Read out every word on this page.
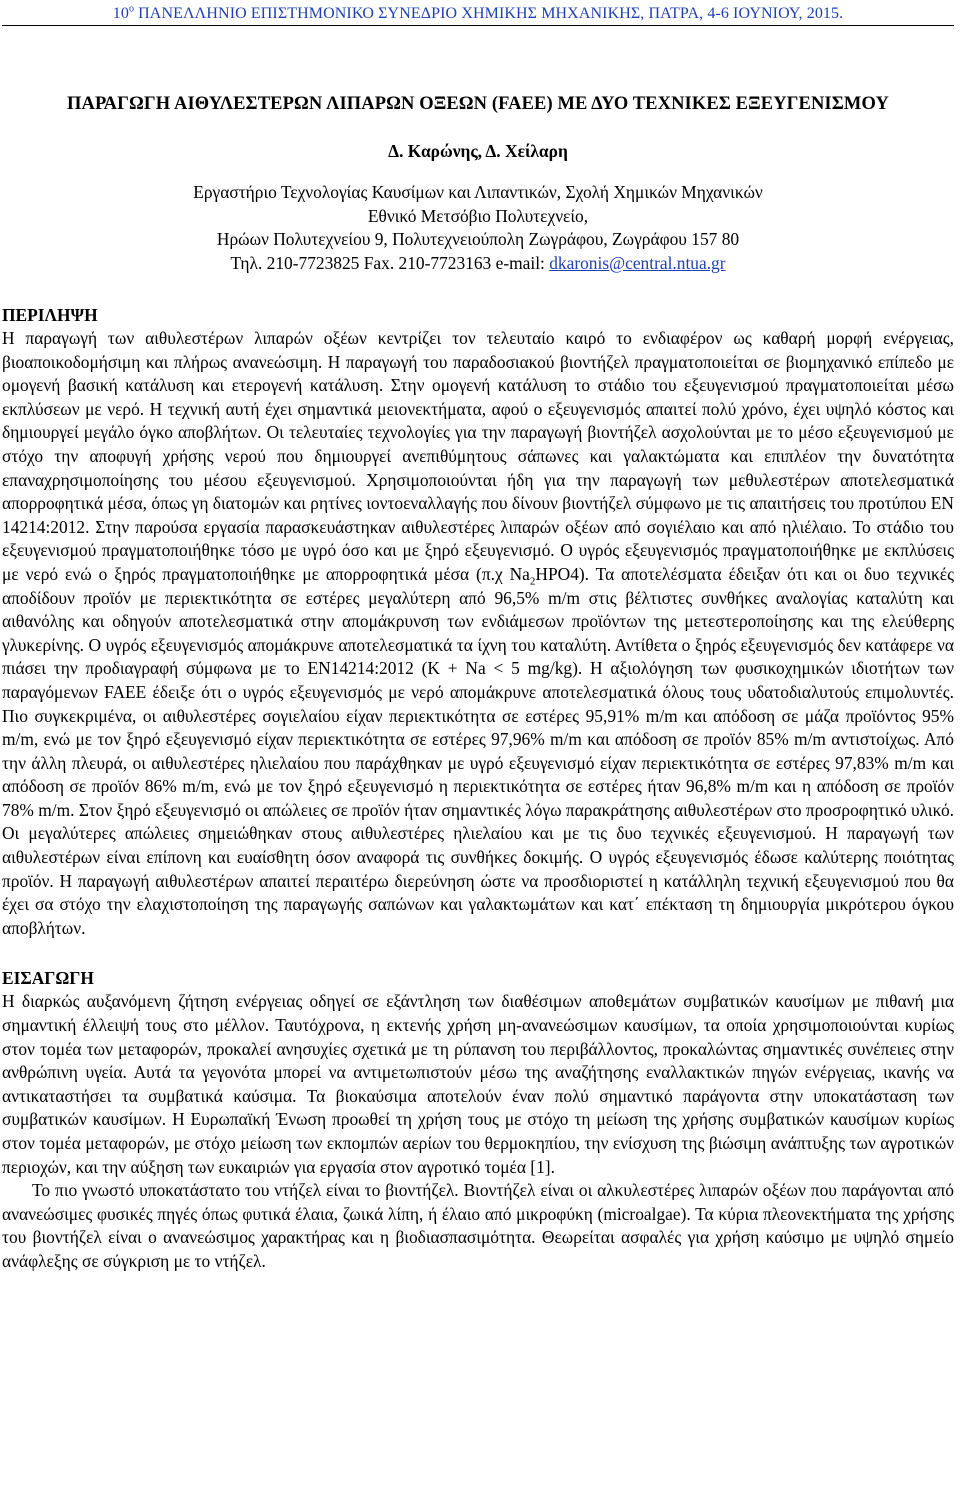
$10^o$ ΠΑΝΕΛΛΗΝΙΟ ΕΠΙΣΤΗΜΟΝΙΚΟ ΣΥΝΕΔΡΙΟ ΧΗΜΙΚΗΣ ΜΗΧΑΝΙΚΗΣ, ΠΑΤΡΑ, 4-6 ΙΟΥΝΙΟΥ, 2015.
ΠΑΡΑΓΩΓΗ ΑΙΘΥΛΕΣΤΕΡΩΝ ΛΙΠΑΡΩΝ ΟΞΕΩΝ (FAEE) ΜΕ ΔΥΟ ΤΕΧΝΙΚΕΣ ΕΞΕΥΓΕΝΙΣΜΟΥ
Δ. Καρώνης, Δ. Χείλαρη
Εργαστήριο Τεχνολογίας Καυσίμων και Λιπαντικών, Σχολή Χημικών Μηχανικών
Εθνικό Μετσόβιο Πολυτεχνείο,
Ηρώων Πολυτεχνείου 9, Πολυτεχνειούπολη Ζωγράφου, Ζωγράφου 157 80
Τηλ. 210-7723825 Fax. 210-7723163 e-mail: dkaronis@central.ntua.gr
ΠΕΡΙΛΗΨΗ

Η παραγωγή των αιθυλεστέρων λιπαρών οξέων κεντρίζει τον τελευταίο καιρό το ενδιαφέρον ως καθαρή μορφή ενέργειας, βιοαποικοδομήσιμη και πλήρως ανανεώσιμη. Η παραγωγή του παραδοσιακού βιοντήζελ πραγματοποιείται σε βιομηχανικό επίπεδο με ομογενή βασική κατάλυση και ετερογενή κατάλυση. Στην ομογενή κατάλυση το στάδιο του εξευγενισμού πραγματοποιείται μέσω εκπλύσεων με νερό. Η τεχνική αυτή έχει σημαντικά μειονεκτήματα, αφού ο εξευγενισμός απαιτεί πολύ χρόνο, έχει υψηλό κόστος και δημιουργεί μεγάλο όγκο αποβλήτων. Οι τελευταίες τεχνολογίες για την παραγωγή βιοντήζελ ασχολούνται με το μέσο εξευγενισμού με στόχο την αποφυγή χρήσης νερού που δημιουργεί ανεπιθύμητους σάπωνες και γαλακτώματα και επιπλέον την δυνατότητα επαναχρησιμοποίησης του μέσου εξευγενισμού. Χρησιμοποιούνται ήδη για την παραγωγή των μεθυλεστέρων αποτελεσματικά απορροφητικά μέσα, όπως γη διατομών και ρητίνες ιοντοεναλλαγής που δίνουν βιοντήζελ σύμφωνο με τις απαιτήσεις του προτύπου EN 14214:2012. Στην παρούσα εργασία παρασκευάστηκαν αιθυλεστέρες λιπαρών οξέων από σογιέλαιο και από ηλιέλαιο. Το στάδιο του εξευγενισμού πραγματοποιήθηκε τόσο με υγρό όσο και με ξηρό εξευγενισμό. Ο υγρός εξευγενισμός πραγματοποιήθηκε με εκπλύσεις με νερό ενώ ο ξηρός πραγματοποιήθηκε με απορροφητικά μέσα (π.χ $Na_2HPO4$). Τα αποτελέσματα έδειξαν ότι και οι δυο τεχνικές αποδίδουν προϊόν με περιεκτικότητα σε εστέρες μεγαλύτερη από 96,5% m/m στις βέλτιστες συνθήκες αναλογίας καταλύτη και αιθανόλης και οδηγούν αποτελεσματικά στην απομάκρυνση των ενδιάμεσων προϊόντων της μετεστεροποίησης και της ελεύθερης γλυκερίνης. Ο υγρός εξευγενισμός απομάκρυνε αποτελεσματικά τα ίχνη του καταλύτη. Αντίθετα ο ξηρός εξευγενισμός δεν κατάφερε να πιάσει την προδιαγραφή σύμφωνα με το EN14214:2012 (K + Na < 5 mg/kg). Η αξιολόγηση των φυσικοχημικών ιδιοτήτων των παραγόμενων FAEE έδειξε ότι ο υγρός εξευγενισμός με νερό απομάκρυνε αποτελεσματικά όλους τους υδατοδιαλυτούς επιμολυντές. Πιο συγκεκριμένα, οι αιθυλεστέρες σογιελαίου είχαν περιεκτικότητα σε εστέρες 95,91% m/m και απόδοση σε μάζα προϊόντος 95% m/m, ενώ με τον ξηρό εξευγενισμό είχαν περιεκτικότητα σε εστέρες 97,96% m/m και απόδοση σε προϊόν 85% m/m αντιστοίχως. Από την άλλη πλευρά, οι αιθυλεστέρες ηλιελαίου που παράχθηκαν με υγρό εξευγενισμό είχαν περιεκτικότητα σε εστέρες 97,83% m/m και απόδοση σε προϊόν 86% m/m, ενώ με τον ξηρό εξευγενισμό η περιεκτικότητα σε εστέρες ήταν 96,8% m/m και η απόδοση σε προϊόν 78% m/m. Στον ξηρό εξευγενισμό οι απώλειες σε προϊόν ήταν σημαντικές λόγω παρακράτησης αιθυλεστέρων στο προσροφητικό υλικό. Οι μεγαλύτερες απώλειες σημειώθηκαν στους αιθυλεστέρες ηλιελαίου και με τις δυο τεχνικές εξευγενισμού. Η παραγωγή των αιθυλεστέρων είναι επίπονη και ευαίσθητη όσον αναφορά τις συνθήκες δοκιμής. Ο υγρός εξευγενισμός έδωσε καλύτερης ποιότητας προϊόν. Η παραγωγή αιθυλεστέρων απαιτεί περαιτέρω διερεύνηση ώστε να προσδιοριστεί η κατάλληλη τεχνική εξευγενισμού που θα έχει σα στόχο την ελαχιστοποίηση της παραγωγής σαπώνων και γαλακτωμάτων και κατ΄ επέκταση τη δημιουργία μικρότερου όγκου αποβλήτων.

ΕΙΣΑΓΩΓΗ

Η διαρκώς αυξανόμενη ζήτηση ενέργειας οδηγεί σε εξάντληση των διαθέσιμων αποθεμάτων συμβατικών καυσίμων με πιθανή μια σημαντική έλλειψή τους στο μέλλον. Ταυτόχρονα, η εκτενής χρήση μη-ανανεώσιμων καυσίμων, τα οποία χρησιμοποιούνται κυρίως στον τομέα των μεταφορών, προκαλεί ανησυχίες σχετικά με τη ρύπανση του περιβάλλοντος, προκαλώντας σημαντικές συνέπειες στην ανθρώπινη υγεία. Αυτά τα γεγονότα μπορεί να αντιμετωπιστούν μέσω της αναζήτησης εναλλακτικών πηγών ενέργειας, ικανής να αντικαταστήσει τα συμβατικά καύσιμα. Τα βιοκαύσιμα αποτελούν έναν πολύ σημαντικό παράγοντα στην υποκατάσταση των συμβατικών καυσίμων. Η Ευρωπαϊκή Ένωση προωθεί τη χρήση τους με στόχο τη μείωση της χρήσης συμβατικών καυσίμων κυρίως στον τομέα μεταφορών, με στόχο μείωση των εκπομπών αερίων του θερμοκηπίου, την ενίσχυση της βιώσιμη ανάπτυξης των αγροτικών περιοχών, και την αύξηση των ευκαιριών για εργασία στον αγροτικό τομέα [1].

Το πιο γνωστό υποκατάστατο του ντήζελ είναι το βιοντήζελ. Βιοντήζελ είναι οι αλκυλεστέρες λιπαρών οξέων που παράγονται από ανανεώσιμες φυσικές πηγές όπως φυτικά έλαια, ζωικά λίπη, ή έλαιο από μικροφύκη (microalgae). Τα κύρια πλεονεκτήματα της χρήσης του βιοντήζελ είναι ο ανανεώσιμος χαρακτήρας και η βιοδιασπασιμότητα. Θεωρείται ασφαλές για χρήση καύσιμο με υψηλό σημείο ανάφλεξης σε σύγκριση με το ντήζελ.
